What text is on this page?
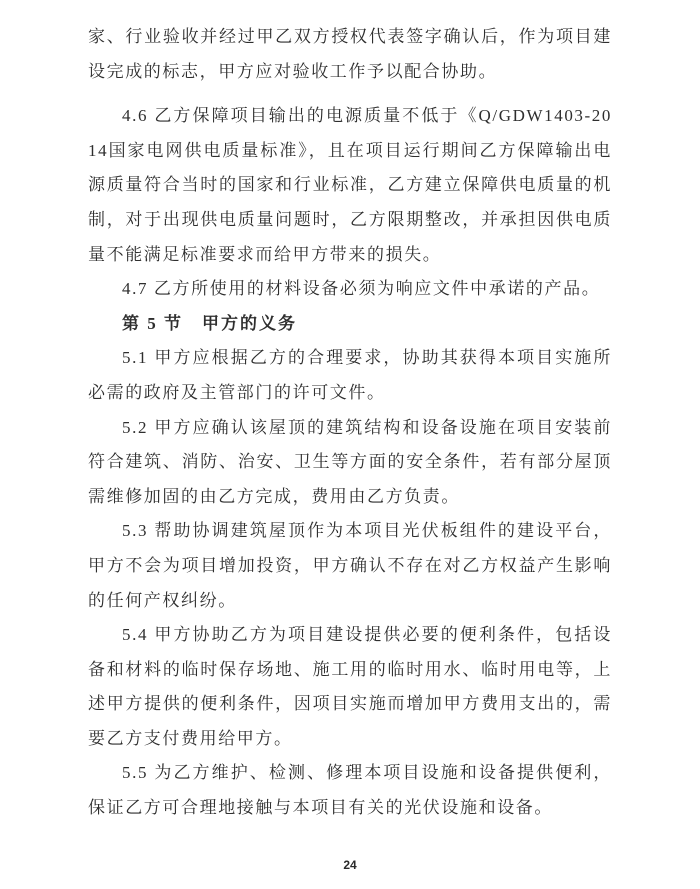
家、行业验收并经过甲乙双方授权代表签字确认后，作为项目建设完成的标志，甲方应对验收工作予以配合协助。

4.6 乙方保障项目输出的电源质量不低于《Q/GDW1403-2014国家电网供电质量标准》，且在项目运行期间乙方保障输出电源质量符合当时的国家和行业标准，乙方建立保障供电质量的机制，对于出现供电质量问题时，乙方限期整改，并承担因供电质量不能满足标准要求而给甲方带来的损失。

4.7 乙方所使用的材料设备必须为响应文件中承诺的产品。

第 5 节　甲方的义务

5.1 甲方应根据乙方的合理要求，协助其获得本项目实施所必需的政府及主管部门的许可文件。

5.2 甲方应确认该屋顶的建筑结构和设备设施在项目安装前符合建筑、消防、治安、卫生等方面的安全条件，若有部分屋顶需维修加固的由乙方完成，费用由乙方负责。

5.3 帮助协调建筑屋顶作为本项目光伏板组件的建设平台，甲方不会为项目增加投资，甲方确认不存在对乙方权益产生影响的任何产权纠纷。

5.4 甲方协助乙方为项目建设提供必要的便利条件，包括设备和材料的临时保存场地、施工用的临时用水、临时用电等，上述甲方提供的便利条件，因项目实施而增加甲方费用支出的，需要乙方支付费用给甲方。

5.5 为乙方维护、检测、修理本项目设施和设备提供便利，保证乙方可合理地接触与本项目有关的光伏设施和设备。

24
